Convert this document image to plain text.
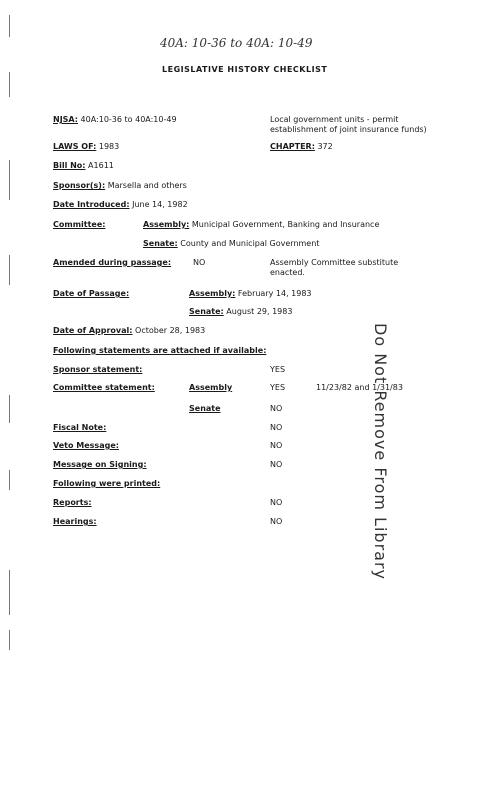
40A: 10-36 to 40A: 10-49
LEGISLATIVE HISTORY CHECKLIST
NJSA: 40A:10-36 to 40A:10-49	Local government units - permit
establishment of joint insurance funds)
LAWS OF: 1983	CHAPTER: 372
Bill No: A1611
Sponsor(s): Marsella and others
Date Introduced: June 14, 1982
Committee:	Assembly: Municipal Government, Banking and Insurance
Senate: County and Municipal Government
Amended during passage:	NO	Assembly Committee substitute
enacted.
Date of Passage:	Assembly: February 14, 1983
Senate: August 29, 1983
Date of Approval: October 28, 1983
Following statements are attached if available:
Sponsor statement:	YES
Committee statement:	Assembly	YES	11/23/82 and 1/31/83
Senate	NO
Fiscal Note:	NO
Veto Message:	NO
Message on Signing:	NO
Following were printed:
Reports:	NO
Hearings:	NO	Do Not Remove From Library
